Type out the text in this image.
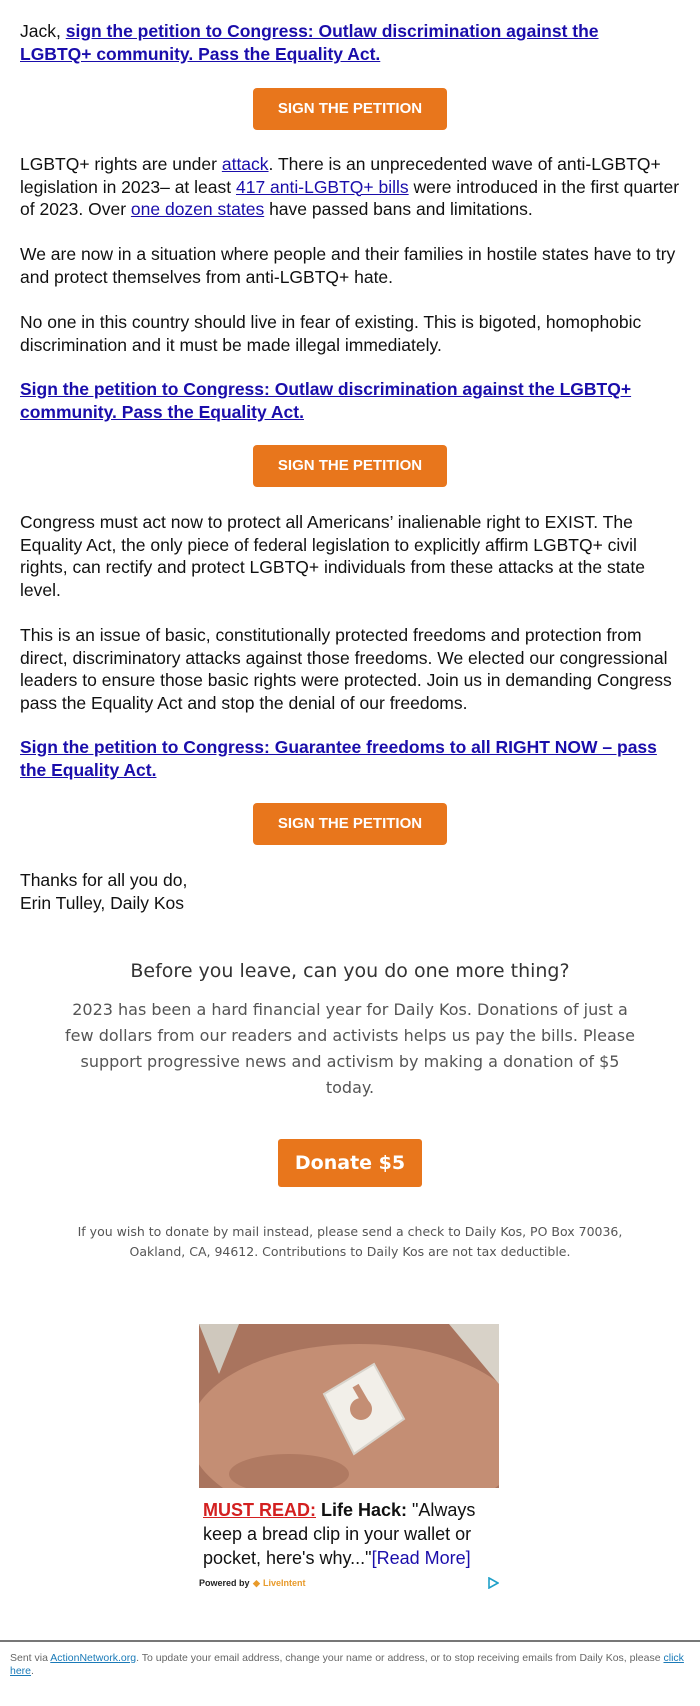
Jack, sign the petition to Congress: Outlaw discrimination against the LGBTQ+ community. Pass the Equality Act.

SIGN THE PETITION

LGBTQ+ rights are under attack. There is an unprecedented wave of anti-LGBTQ+ legislation in 2023– at least 417 anti-LGBTQ+ bills were introduced in the first quarter of 2023. Over one dozen states have passed bans and limitations.

We are now in a situation where people and their families in hostile states have to try and protect themselves from anti-LGBTQ+ hate.

No one in this country should live in fear of existing. This is bigoted, homophobic discrimination and it must be made illegal immediately.

Sign the petition to Congress: Outlaw discrimination against the LGBTQ+ community. Pass the Equality Act.

SIGN THE PETITION

Congress must act now to protect all Americans’ inalienable right to EXIST. The Equality Act, the only piece of federal legislation to explicitly affirm LGBTQ+ civil rights, can rectify and protect LGBTQ+ individuals from these attacks at the state level.

This is an issue of basic, constitutionally protected freedoms and protection from direct, discriminatory attacks against those freedoms. We elected our congressional leaders to ensure those basic rights were protected. Join us in demanding Congress pass the Equality Act and stop the denial of our freedoms.

Sign the petition to Congress: Guarantee freedoms to all RIGHT NOW – pass the Equality Act.

SIGN THE PETITION

Thanks for all you do,
Erin Tulley, Daily Kos

Before you leave, can you do one more thing?

2023 has been a hard financial year for Daily Kos. Donations of just a few dollars from our readers and activists helps us pay the bills. Please support progressive news and activism by making a donation of $5 today.

Donate $5

If you wish to donate by mail instead, please send a check to Daily Kos, PO Box 70036, Oakland, CA, 94612. Contributions to Daily Kos are not tax deductible.

MUST READ: Life Hack: "Always keep a bread clip in your wallet or pocket, here's why..."[Read More]
Powered by ◆ LiveIntent
Sent via ActionNetwork.org. To update your email address, change your name or address, or to stop receiving emails from Daily Kos, please click here.
